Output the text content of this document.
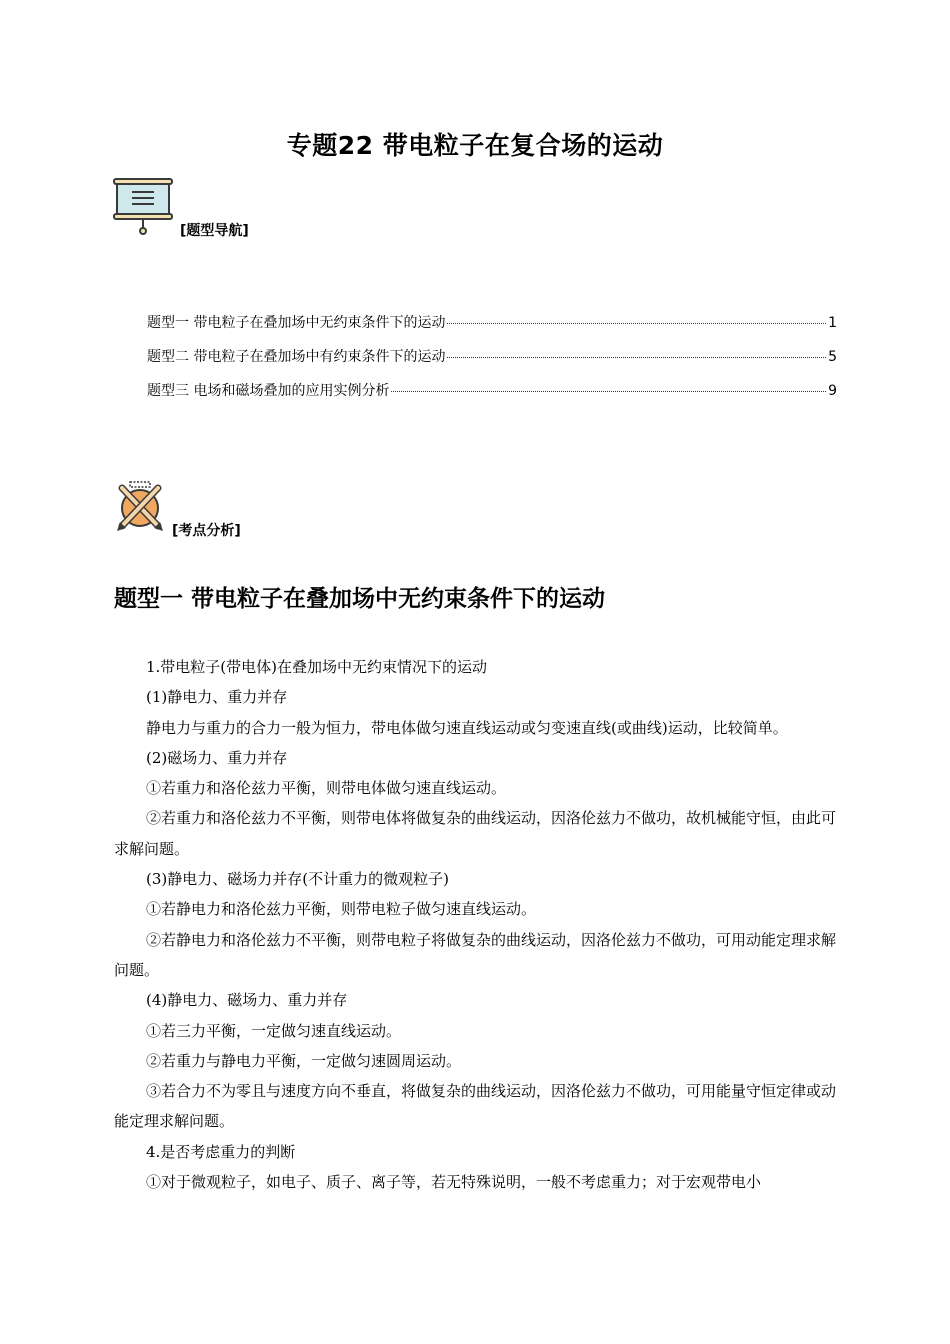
专题22 带电粒子在复合场的运动
[题型导航]
题型一 带电粒子在叠加场中无约束条件下的运动	1
题型二 带电粒子在叠加场中有约束条件下的运动	5
题型三 电场和磁场叠加的应用实例分析	9
[考点分析]
题型一 带电粒子在叠加场中无约束条件下的运动

1.带电粒子(带电体)在叠加场中无约束情况下的运动

(1)静电力、重力并存

静电力与重力的合力一般为恒力，带电体做匀速直线运动或匀变速直线(或曲线)运动，比较简单。

(2)磁场力、重力并存

①若重力和洛伦兹力平衡，则带电体做匀速直线运动。

②若重力和洛伦兹力不平衡，则带电体将做复杂的曲线运动，因洛伦兹力不做功，故机械能守恒，由此可求解问题。

(3)静电力、磁场力并存(不计重力的微观粒子)

①若静电力和洛伦兹力平衡，则带电粒子做匀速直线运动。

②若静电力和洛伦兹力不平衡，则带电粒子将做复杂的曲线运动，因洛伦兹力不做功，可用动能定理求解问题。

(4)静电力、磁场力、重力并存

①若三力平衡，一定做匀速直线运动。

②若重力与静电力平衡，一定做匀速圆周运动。

③若合力不为零且与速度方向不垂直，将做复杂的曲线运动，因洛伦兹力不做功，可用能量守恒定律或动能定理求解问题。

4.是否考虑重力的判断

①对于微观粒子，如电子、质子、离子等，若无特殊说明，一般不考虑重力；对于宏观带电小
